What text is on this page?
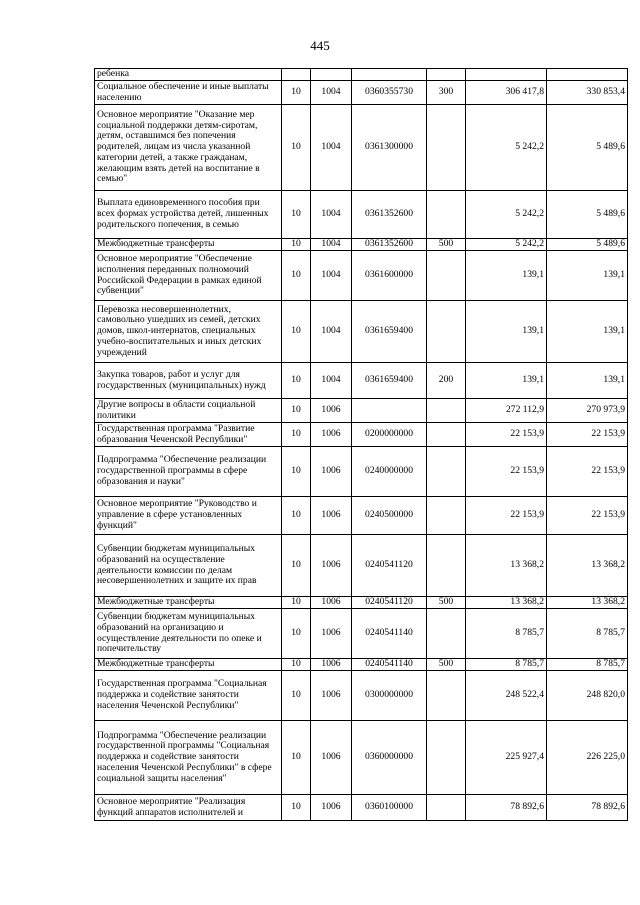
445
ребенка						
Социальное обеспечение и иные выплаты населению	10	1004	0360355730	300	306 417,8	330 853,4
Основное мероприятие "Оказание мер социальной поддержки детям-сиротам, детям, оставшимся без попечения родителей, лицам из числа указанной категории детей, а также гражданам, желающим взять детей на воспитание в семью"	10	1004	0361300000		5 242,2	5 489,6
Выплата единовременного пособия при всех формах устройства детей, лишенных родительского попечения, в семью	10	1004	0361352600		5 242,2	5 489,6
Межбюджетные трансферты	10	1004	0361352600	500	5 242,2	5 489,6
Основное мероприятие "Обеспечение исполнения переданных полномочий Российской Федерации в рамках единой субвенции"	10	1004	0361600000		139,1	139,1
Перевозка несовершеннолетних, самовольно ушедших из семей, детских домов, школ-интернатов, специальных учебно-воспитательных и иных детских учреждений	10	1004	0361659400		139,1	139,1
Закупка товаров, работ и услуг для государственных (муниципальных) нужд	10	1004	0361659400	200	139,1	139,1
Другие вопросы в области социальной политики	10	1006			272 112,9	270 973,9
Государственная программа "Развитие образования Чеченской Республики"	10	1006	0200000000		22 153,9	22 153,9
Подпрограмма "Обеспечение реализации государственной программы в сфере образования и науки"	10	1006	0240000000		22 153,9	22 153,9
Основное мероприятие "Руководство и управление в сфере установленных функций"	10	1006	0240500000		22 153,9	22 153,9
Субвенции бюджетам муниципальных образований на осуществление деятельности комиссии по делам несовершеннолетних и защите их прав	10	1006	0240541120		13 368,2	13 368,2
Межбюджетные трансферты	10	1006	0240541120	500	13 368,2	13 368,2
Субвенции бюджетам муниципальных образований на организацию и осуществление деятельности по опеке и попечительству	10	1006	0240541140		8 785,7	8 785,7
Межбюджетные трансферты	10	1006	0240541140	500	8 785,7	8 785,7
Государственная программа "Социальная поддержка и содействие занятости населения Чеченской Республики"	10	1006	0300000000		248 522,4	248 820,0
Подпрограмма "Обеспечение реализации государственной программы "Социальная поддержка и содействие занятости населения Чеченской Республики" в сфере социальной защиты населения"	10	1006	0360000000		225 927,4	226 225,0
Основное мероприятие "Реализация функций аппаратов исполнителей и	10	1006	0360100000		78 892,6	78 892,6
